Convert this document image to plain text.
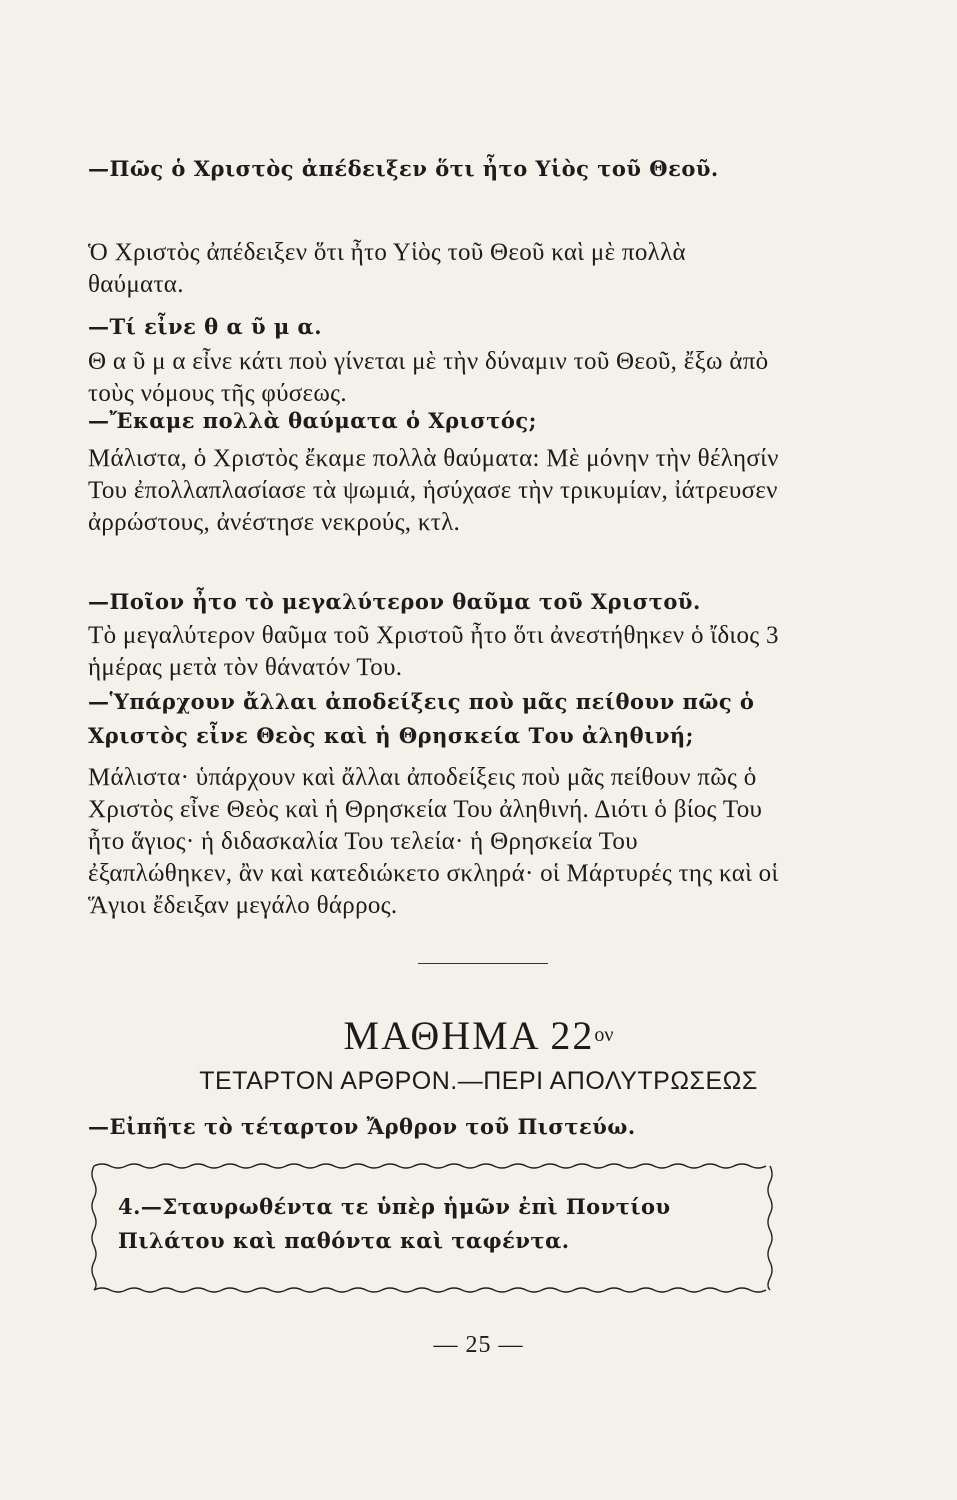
—Πῶς ὁ Χριστὸς ἀπέδειξεν ὅτι ἦτο Υἱὸς τοῦ Θεοῦ.
Ὁ Χριστὸς ἀπέδειξεν ὅτι ἦτο Υἱὸς τοῦ Θεοῦ καὶ μὲ πολλὰ θαύματα.
—Τί εἶνε θ α ῦ μ α.
Θ α ῦ μ α εἶνε κάτι ποὺ γίνεται μὲ τὴν δύναμιν τοῦ Θεοῦ, ἔξω ἀπὸ τοὺς νόμους τῆς φύσεως.
—Ἔκαμε πολλὰ θαύματα ὁ Χριστός;
Μάλιστα, ὁ Χριστὸς ἔκαμε πολλὰ θαύματα: Μὲ μόνην τὴν θέλησίν Του ἐπολλαπλασίασε τὰ ψωμιά, ἡσύχασε τὴν τρικυμίαν, ἰάτρευσεν ἀρρώστους, ἀνέστησε νεκρούς, κτλ.
—Ποῖον ἦτο τὸ μεγαλύτερον θαῦμα τοῦ Χριστοῦ.
Τὸ μεγαλύτερον θαῦμα τοῦ Χριστοῦ ἦτο ὅτι ἀνεστήθηκεν ὁ ἴδιος 3 ἡμέρας μετὰ τὸν θάνατόν Του.
—Ὑπάρχουν ἄλλαι ἀποδείξεις ποὺ μᾶς πείθουν πῶς ὁ Χριστὸς εἶνε Θεὸς καὶ ἡ Θρησκεία Του ἀληθινή;
Μάλιστα· ὑπάρχουν καὶ ἄλλαι ἀποδείξεις ποὺ μᾶς πείθουν πῶς ὁ Χριστὸς εἶνε Θεὸς καὶ ἡ Θρησκεία Του ἀληθινή. Διότι ὁ βίος Του ἦτο ἅγιος· ἡ διδασκαλία Του τελεία· ἡ Θρησκεία Του ἐξαπλώθηκεν, ἂν καὶ κατεδιώκετο σκληρά· οἱ Μάρτυρές της καὶ οἱ Ἅγιοι ἔδειξαν μεγάλο θάρρος.
ΜΑΘΗΜΑ $22^{o\nu}$
ΤΕΤΑΡΤΟΝ ΑΡΘΡΟΝ.—ΠΕΡΙ ΑΠΟΛΥΤΡΩΣΕΩΣ
—Εἰπῆτε τὸ τέταρτον Ἄρθρον τοῦ Πιστεύω.
4.—Σταυρωθέντα τε ὑπὲρ ἡμῶν ἐπὶ Ποντίου Πιλάτου καὶ παθόντα καὶ ταφέντα.
— 25 —
